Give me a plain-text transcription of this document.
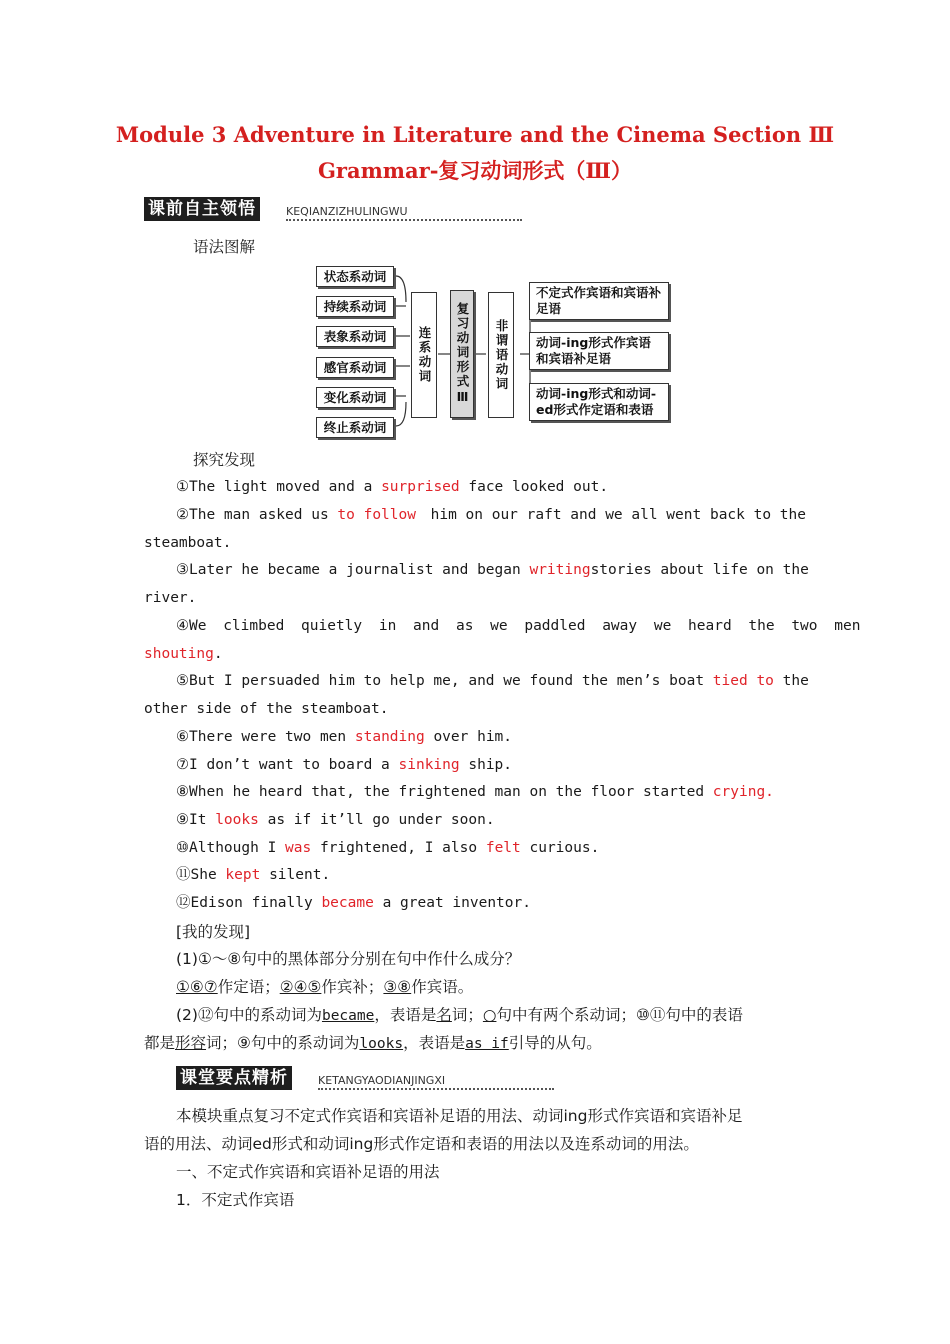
Module 3 Adventure in Literature and the Cinema Section Ⅲ
Grammar-复习动词形式（Ⅲ）
课前自主领悟	KEQIANZIZHULINGWU
语法图解
状态系动词
持续系动词
表象系动词
感官系动词
变化系动词
终止系动词
连系动词	复习动词形式Ⅲ	非谓语动词
不定式作宾语和宾语补足语
动词-ing形式作宾语和宾语补足语
动词-ing形式和动词-ed形式作定语和表语
探究发现
①The light moved and a surprised face looked out.
②The man asked us to follow him on our raft and we all went back to the
steamboat.
③Later he became a journalist and began writing stories about life on the
river.
④We climbed quietly in and as we paddled away we heard the two men
shouting.
⑤But I persuaded him to help me, and we found the men’s boat tied to the
other side of the steamboat.
⑥There were two men standing over him.
⑦I don’t want to board a sinking ship.
⑧When he heard that, the frightened man on the floor started crying.
⑨It looks as if it’ll go under soon.
⑩Although I was frightened, I also felt curious.
⑪She kept silent.
⑫Edison finally became a great inventor.
[我的发现]
(1)①～⑧句中的黑体部分分别在句中作什么成分？
①⑥⑦作定语；②④⑤作宾补；③⑧作宾语。
(2)⑫句中的系动词为became，表语是名词；○句中有两个系动词；⑩⑪句中的表语
都是形容词；⑨句中的系动词为looks，表语是as if引导的从句。
课堂要点精析	KETANGYAODIANJINGXI
本模块重点复习不定式作宾语和宾语补足语的用法、动词ing形式作宾语和宾语补足
语的用法、动词ed形式和动词ing形式作定语和表语的用法以及连系动词的用法。
一、不定式作宾语和宾语补足语的用法
1．不定式作宾语
